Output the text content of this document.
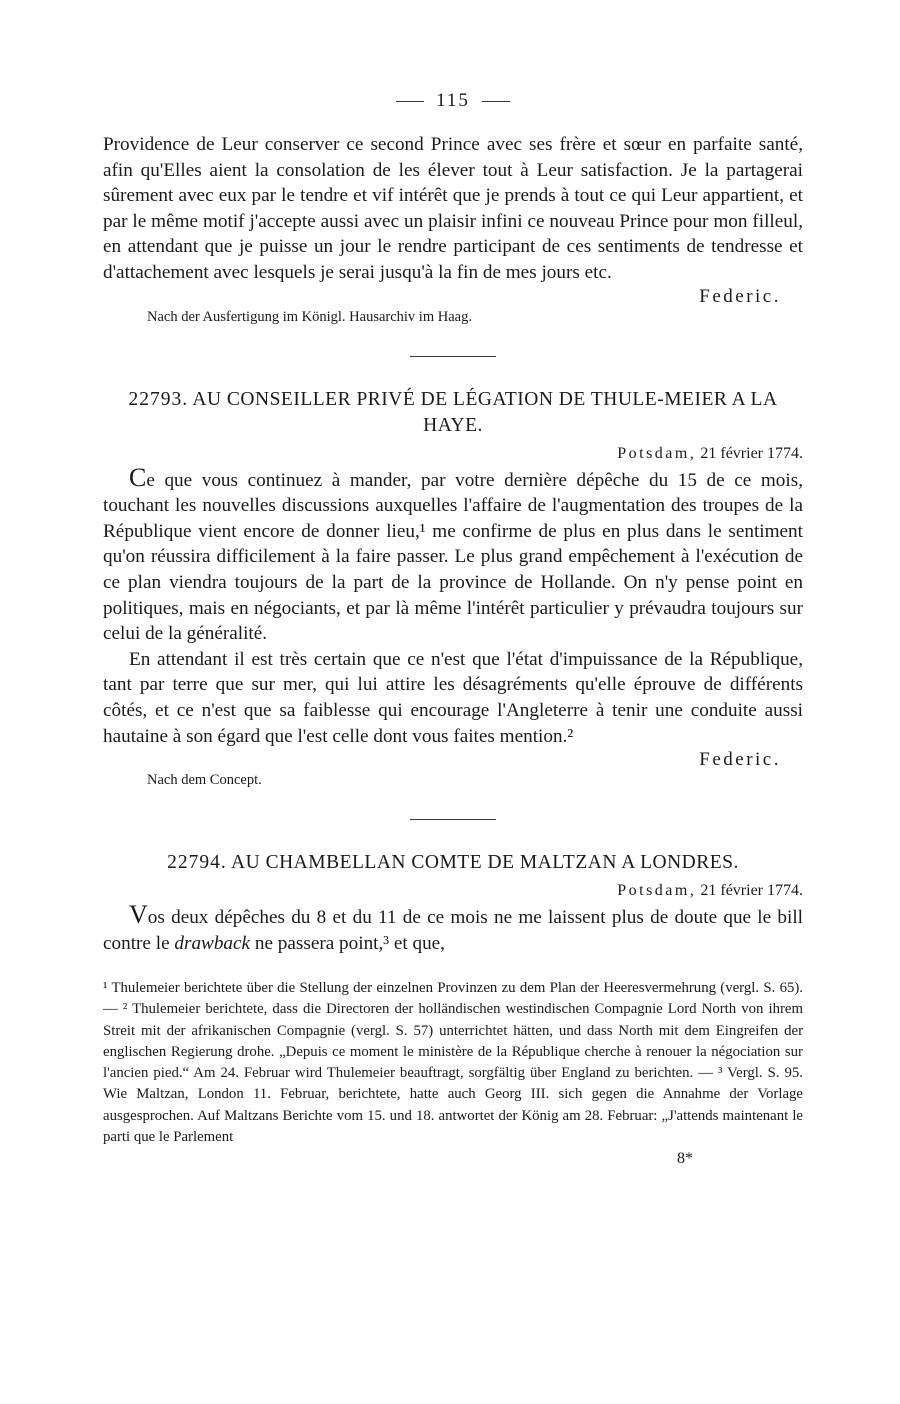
115

Providence de Leur conserver ce second Prince avec ses frère et sœur en parfaite santé, afin qu'Elles aient la consolation de les élever tout à Leur satisfaction. Je la partagerai sûrement avec eux par le tendre et vif intérêt que je prends à tout ce qui Leur appartient, et par le même motif j'accepte aussi avec un plaisir infini ce nouveau Prince pour mon filleul, en attendant que je puisse un jour le rendre participant de ces sentiments de tendresse et d'attachement avec lesquels je serai jusqu'à la fin de mes jours etc.

Federic.
Nach der Ausfertigung im Königl. Hausarchiv im Haag.
22793. AU CONSEILLER PRIVÉ DE LÉGATION DE THULE-MEIER A LA HAYE.
Potsdam, 21 février 1774.

Ce que vous continuez à mander, par votre dernière dépêche du 15 de ce mois, touchant les nouvelles discussions auxquelles l'affaire de l'augmentation des troupes de la République vient encore de donner lieu,¹ me confirme de plus en plus dans le sentiment qu'on réussira difficilement à la faire passer. Le plus grand empêchement à l'exécution de ce plan viendra toujours de la part de la province de Hollande. On n'y pense point en politiques, mais en négociants, et par là même l'intérêt particulier y prévaudra toujours sur celui de la généralité.

En attendant il est très certain que ce n'est que l'état d'impuissance de la République, tant par terre que sur mer, qui lui attire les désagréments qu'elle éprouve de différents côtés, et ce n'est que sa faiblesse qui encourage l'Angleterre à tenir une conduite aussi hautaine à son égard que l'est celle dont vous faites mention.²

Federic.
Nach dem Concept.
22794. AU CHAMBELLAN COMTE DE MALTZAN A LONDRES.
Potsdam, 21 février 1774.

Vos deux dépêches du 8 et du 11 de ce mois ne me laissent plus de doute que le bill contre le drawback ne passera point,³ et que,

¹ Thulemeier berichtete über die Stellung der einzelnen Provinzen zu dem Plan der Heeresvermehrung (vergl. S. 65). — ² Thulemeier berichtete, dass die Directoren der holländischen westindischen Compagnie Lord North von ihrem Streit mit der afrikanischen Compagnie (vergl. S. 57) unterrichtet hätten, und dass North mit dem Eingreifen der englischen Regierung drohe. „Depuis ce moment le ministère de la République cherche à renouer la négociation sur l'ancien pied.“ Am 24. Februar wird Thulemeier beauftragt, sorgfältig über England zu berichten. — ³ Vergl. S. 95. Wie Maltzan, London 11. Februar, berichtete, hatte auch Georg III. sich gegen die Annahme der Vorlage ausgesprochen. Auf Maltzans Berichte vom 15. und 18. antwortet der König am 28. Februar: „J'attends maintenant le parti que le Parlement

8*
